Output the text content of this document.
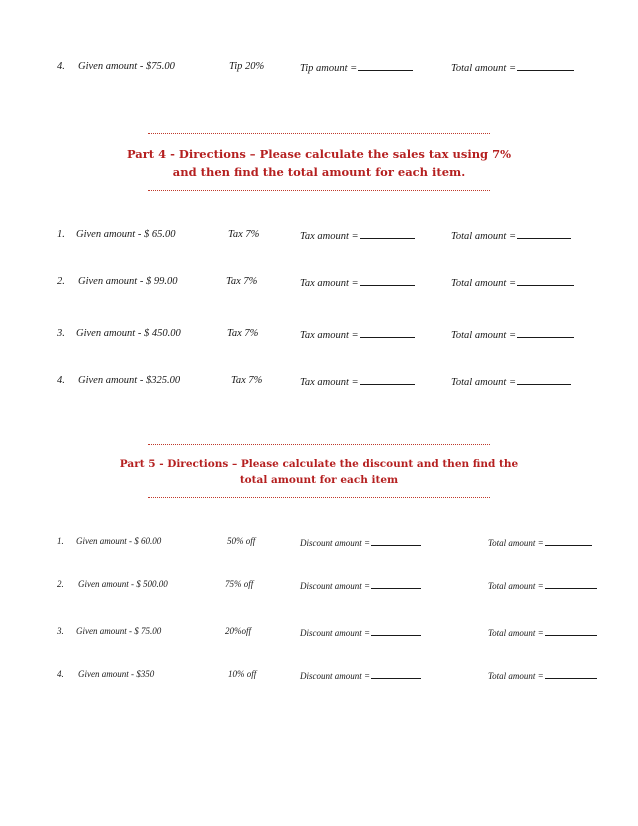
4. Given amount - $75.00	Tip 20%	Tip amount =	Total amount =
Part 4 - Directions – Please calculate the sales tax using 7%
and then find the total amount for each item.
1. Given amount - $ 65.00	Tax 7%	Tax amount =	Total amount =
2. Given amount - $ 99.00	Tax 7%	Tax amount =	Total amount =
3. Given amount - $ 450.00	Tax 7%	Tax amount =	Total amount =
4. Given amount - $325.00	Tax 7%	Tax amount =	Total amount =
Part 5 - Directions – Please calculate the discount and then find the
total amount for each item
1. Given amount - $ 60.00	50% off	Discount amount =	Total amount =
2. Given amount - $ 500.00	75% off	Discount amount =	Total amount =
3. Given amount - $ 75.00	20%off	Discount amount =	Total amount =
4. Given amount - $350	10% off	Discount amount =	Total amount =
